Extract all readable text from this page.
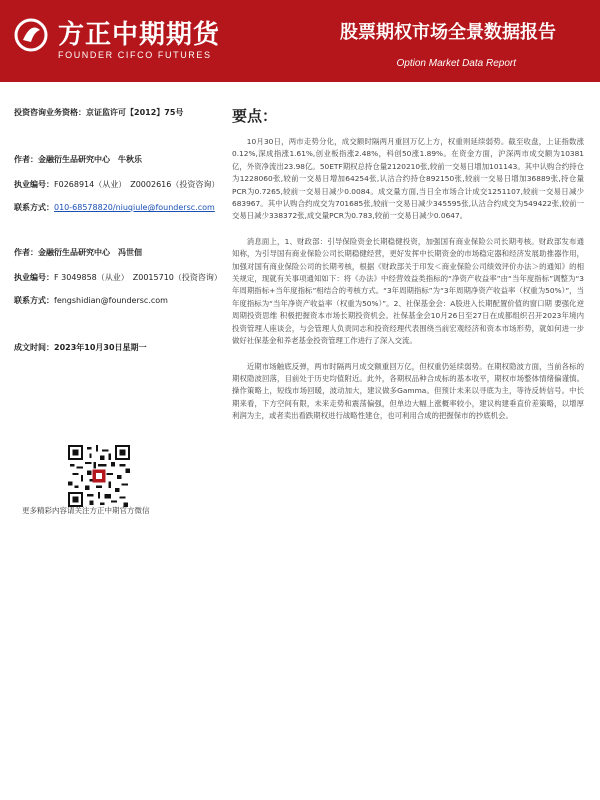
方正中期期货
FOUNDER CIFCO FUTURES
股票期权市场全景数据报告
Option Market Data Report
投资咨询业务资格：京证监许可【2012】75号
作者：金融衍生品研究中心　牛秋乐
执业编号：F0268914（从业）　Z0002616（投资咨询）
联系方式：010-68578820/niuqiule@foundersc.com
作者：金融衍生品研究中心　冯世佃
执业编号：F 3049858（从业）　Z0015710（投资咨询）
联系方式：fengshidian@foundersc.com
成文时间：2023年10月30日星期一
更多精彩内容请关注方正中期官方微信
要点：

10月30日，两市走势分化，成交额时隔两月重回万亿上方，权重则延续弱势。截至收盘，上证指数涨0.12%,深成指涨1.61%,创业板指涨2.48%，科创50涨1.89%。在资金方面，沪深两市成交额为10381亿，外资净流出23.98亿。50ETF期权总持仓量2120210张,较前一交易日增加101143。其中认购合约持仓为1228060张,较前一交易日增加64254张,认沽合约持仓892150张,较前一交易日增加36889张,持仓量PCR为0.7265,较前一交易日减少0.0084。成交量方面,当日全市场合计成交1251107,较前一交易日减少683967。其中认购合约成交为701685张,较前一交易日减少345595张,认沽合约成交为549422张,较前一交易日减少338372张,成交量PCR为0.783,较前一交易日减少0.0647。

消息面上，1、财政部：引导保险资金长期稳健投资，加强国有商业保险公司长期考核。财政部发布通知称，为引导国有商业保险公司长期稳健经营，更好发挥中长期资金的市场稳定器和经济发展助推器作用，加强对国有商业保险公司的长期考核，根据《财政部关于印发＜商业保险公司绩效评价办法＞的通知》的相关规定，现就有关事项通知如下：将《办法》中经营效益类指标的“净资产收益率”由“当年度指标”调整为“3年周期指标+当年度指标”相结合的考核方式。“3年周期指标”为“3年周期净资产收益率（权重为50%）”，当年度指标为“当年净资产收益率（权重为50%）”。2、社保基金会：A股进入长期配置价值的窗口期 要强化逆周期投资思维 积极把握资本市场长期投资机会。社保基金会10月26日至27日在成都组织召开2023年境内投资管理人座谈会，与会管理人负责同志和投资经理代表围绕当前宏观经济和资本市场形势，就如何进一步做好社保基金和养老基金投资管理工作进行了深入交流。

近期市场触底反弹，两市时隔两月成交额重回万亿，但权重仍延续弱势。在期权隐波方面，当前各标的期权隐波回落，目前处于历史均值附近。此外，各期权品种合成标的基本收平，期权市场整体情绪偏谨慎。操作策略上，短线市场回暖，波动加大，建议做多Gamma。但预计未来以寻底为主，等待反转信号。中长期来看，下方空间有限，未来走势和震荡偏强，但单边大幅上涨概率较小，建议构建垂直价差策略，以增厚利润为主，或者卖出看跌期权进行战略性建仓，也可利用合成的把握保市的抄底机会。
